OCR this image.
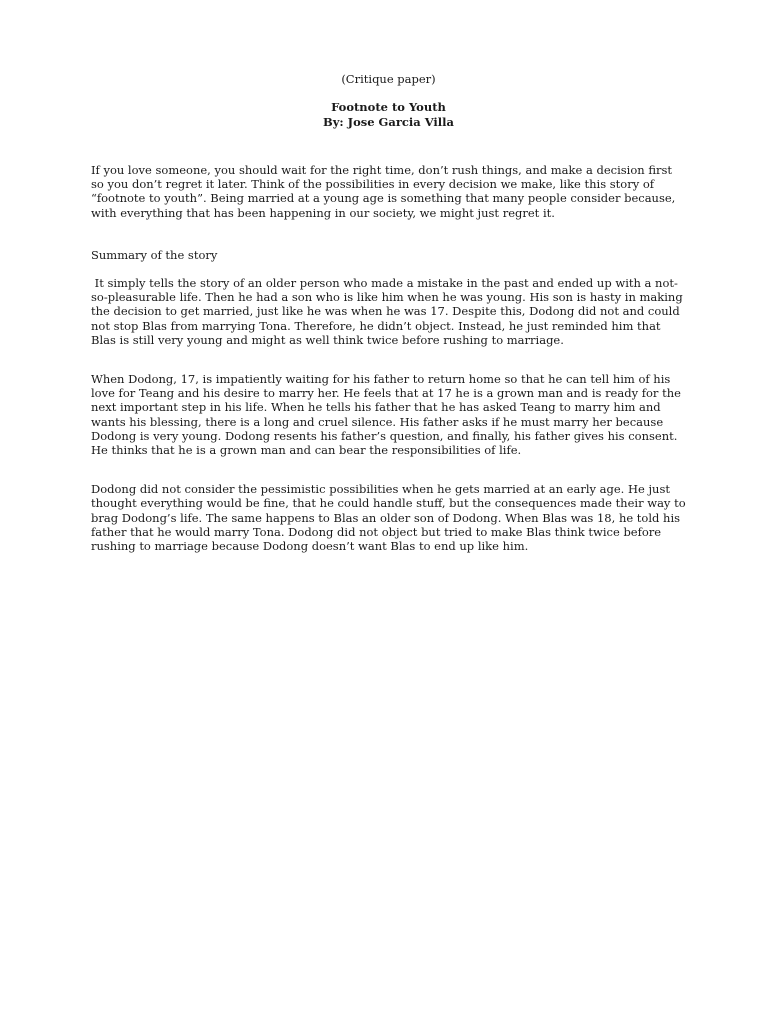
(Critique paper)
Footnote to Youth
By: Jose Garcia Villa

If you love someone, you should wait for the right time, don’t rush things, and make a decision first so you don’t regret it later. Think of the possibilities in every decision we make, like this story of “footnote to youth”. Being married at a young age is something that many people consider because, with everything that has been happening in our society, we might just regret it.

Summary of the story

It simply tells the story of an older person who made a mistake in the past and ended up with a not-so-pleasurable life. Then he had a son who is like him when he was young. His son is hasty in making the decision to get married, just like he was when he was 17. Despite this, Dodong did not and could not stop Blas from marrying Tona. Therefore, he didn’t object. Instead, he just reminded him that Blas is still very young and might as well think twice before rushing to marriage.

When Dodong, 17, is impatiently waiting for his father to return home so that he can tell him of his love for Teang and his desire to marry her. He feels that at 17 he is a grown man and is ready for the next important step in his life. When he tells his father that he has asked Teang to marry him and wants his blessing, there is a long and cruel silence. His father asks if he must marry her because Dodong is very young. Dodong resents his father’s question, and finally, his father gives his consent. He thinks that he is a grown man and can bear the responsibilities of life.

Dodong did not consider the pessimistic possibilities when he gets married at an early age. He just thought everything would be fine, that he could handle stuff, but the consequences made their way to brag Dodong’s life. The same happens to Blas an older son of Dodong. When Blas was 18, he told his father that he would marry Tona. Dodong did not object but tried to make Blas think twice before rushing to marriage because Dodong doesn’t want Blas to end up like him.
